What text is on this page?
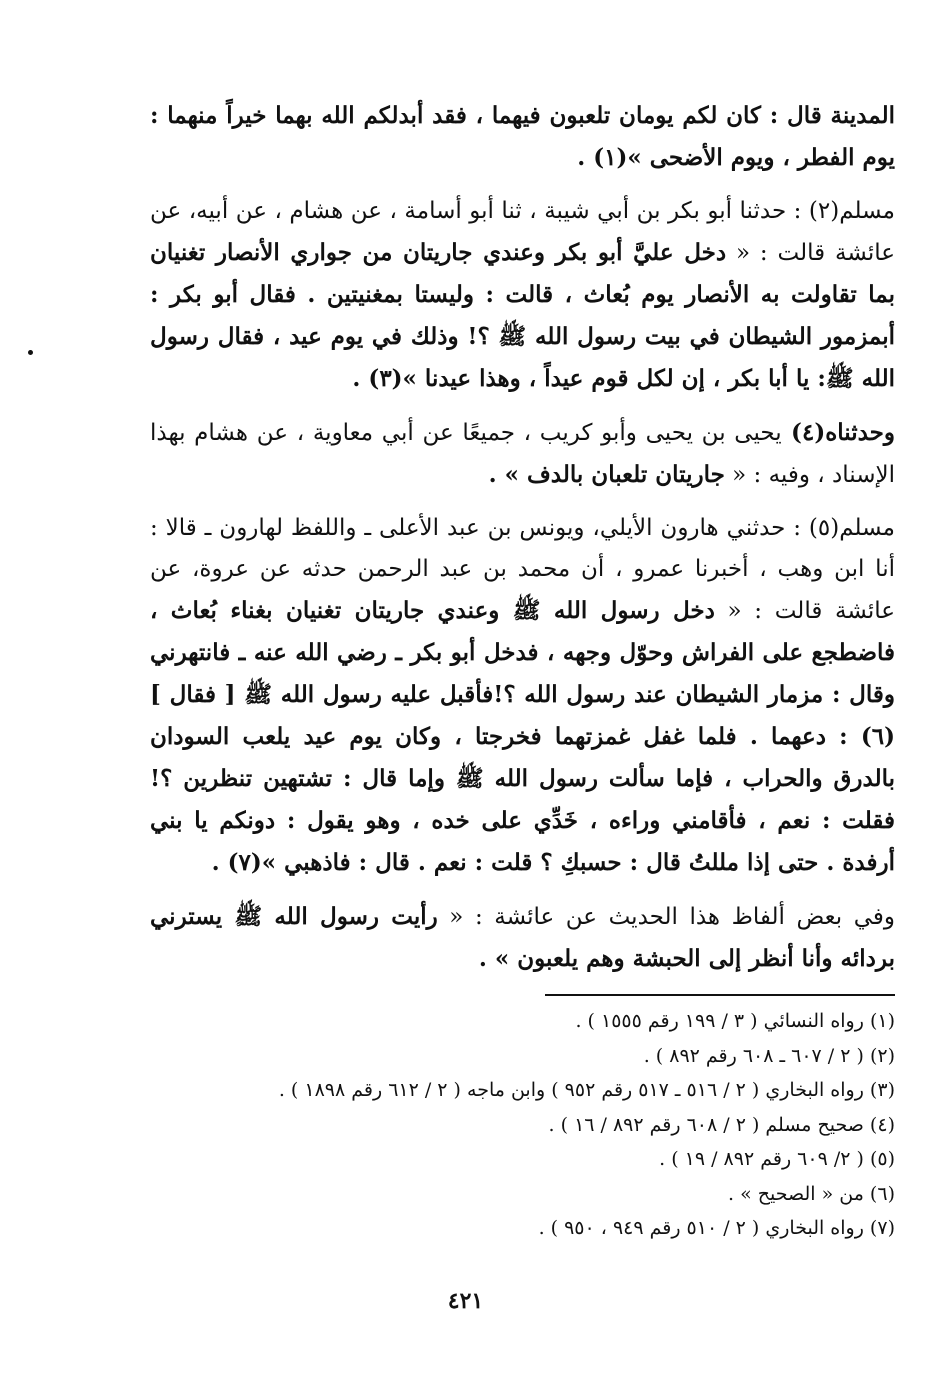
المدينة قال : كان لكم يومان تلعبون فيهما ، فقد أبدلكم الله بهما خيراً منهما : يوم الفطر ، ويوم الأضحى »(١) .

مسلم(٢) : حدثنا أبو بكر بن أبي شيبة ، ثنا أبو أسامة ، عن هشام ، عن أبيه، عن عائشة قالت : « دخل عليَّ أبو بكر وعندي جاريتان من جواري الأنصار تغنيان بما تقاولت به الأنصار يوم بُعاث ، قالت : وليستا بمغنيتين . فقال أبو بكر : أبمزمور الشيطان في بيت رسول الله ﷺ ؟! وذلك في يوم عيد ، فقال رسول الله ﷺ: يا أبا بكر ، إن لكل قوم عيداً ، وهذا عيدنا »(٣) .

وحدثناه(٤) يحيى بن يحيى وأبو كريب ، جميعًا عن أبي معاوية ، عن هشام بهذا الإسناد ، وفيه : « جاريتان تلعبان بالدف » .

مسلم(٥) : حدثني هارون الأيلي، ويونس بن عبد الأعلى ـ واللفظ لهارون ـ قالا : أنا ابن وهب ، أخبرنا عمرو ، أن محمد بن عبد الرحمن حدثه عن عروة، عن عائشة قالت : « دخل رسول الله ﷺ وعندي جاريتان تغنيان بغناء بُعاث ، فاضطجع على الفراش وحوّل وجهه ، فدخل أبو بكر ـ رضي الله عنه ـ فانتهرني وقال : مزمار الشيطان عند رسول الله ؟!فأقبل عليه رسول الله ﷺ [ فقال ](٦) : دعهما . فلما غفل غمزتهما فخرجتا ، وكان يوم عيد يلعب السودان بالدرق والحراب ، فإما سألت رسول الله ﷺ وإما قال : تشتهين تنظرين ؟! فقلت : نعم ، فأقامني وراءه ، خَدِّي على خده ، وهو يقول : دونكم يا بني أرفدة . حتى إذا مللتُ قال : حسبكِ ؟ قلت : نعم . قال : فاذهبي »(٧) .

وفي بعض ألفاظ هذا الحديث عن عائشة : « رأيت رسول الله ﷺ يسترني بردائه وأنا أنظر إلى الحبشة وهم يلعبون » .

(١) رواه النسائي ( ٣ / ١٩٩ رقم ١٥٥٥ ) .
(٢) ( ٢ / ٦٠٧ ـ ٦٠٨ رقم ٨٩٢ ) .
(٣) رواه البخاري ( ٢ / ٥١٦ ـ ٥١٧ رقم ٩٥٢ ) وابن ماجه ( ٢ / ٦١٢ رقم ١٨٩٨ ) .
(٤) صحيح مسلم ( ٢ / ٦٠٨ رقم ٨٩٢ / ١٦ ) .
(٥) ( ٢/ ٦٠٩ رقم ٨٩٢ / ١٩ ) .
(٦) من « الصحيح » .
(٧) رواه البخاري ( ٢ / ٥١٠ رقم ٩٤٩ ، ٩٥٠ ) .
٤٢١
